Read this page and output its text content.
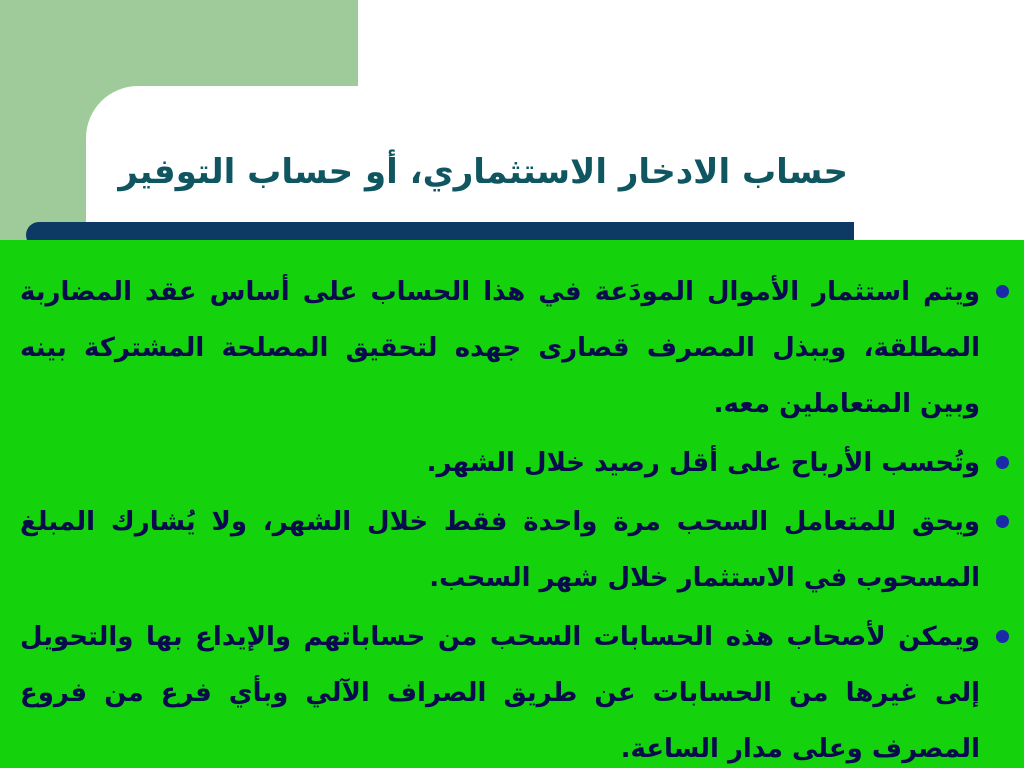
حساب الادخار الاستثماري، أو حساب التوفير
ويتم استثمار الأموال المودَعة في هذا الحساب على أساس عقد المضاربة المطلقة، ويبذل المصرف قصارى جهده لتحقيق المصلحة المشتركة بينه وبين المتعاملين معه.
وتُحسب الأرباح على أقل رصيد خلال الشهر.
ويحق للمتعامل السحب مرة واحدة فقط خلال الشهر، ولا يُشارك المبلغ المسحوب في الاستثمار خلال شهر السحب.
ويمكن لأصحاب هذه الحسابات السحب من حساباتهم والإيداع بها والتحويل إلى غيرها من الحسابات عن طريق الصراف الآلي وبأي فرع من فروع المصرف وعلى مدار الساعة.
